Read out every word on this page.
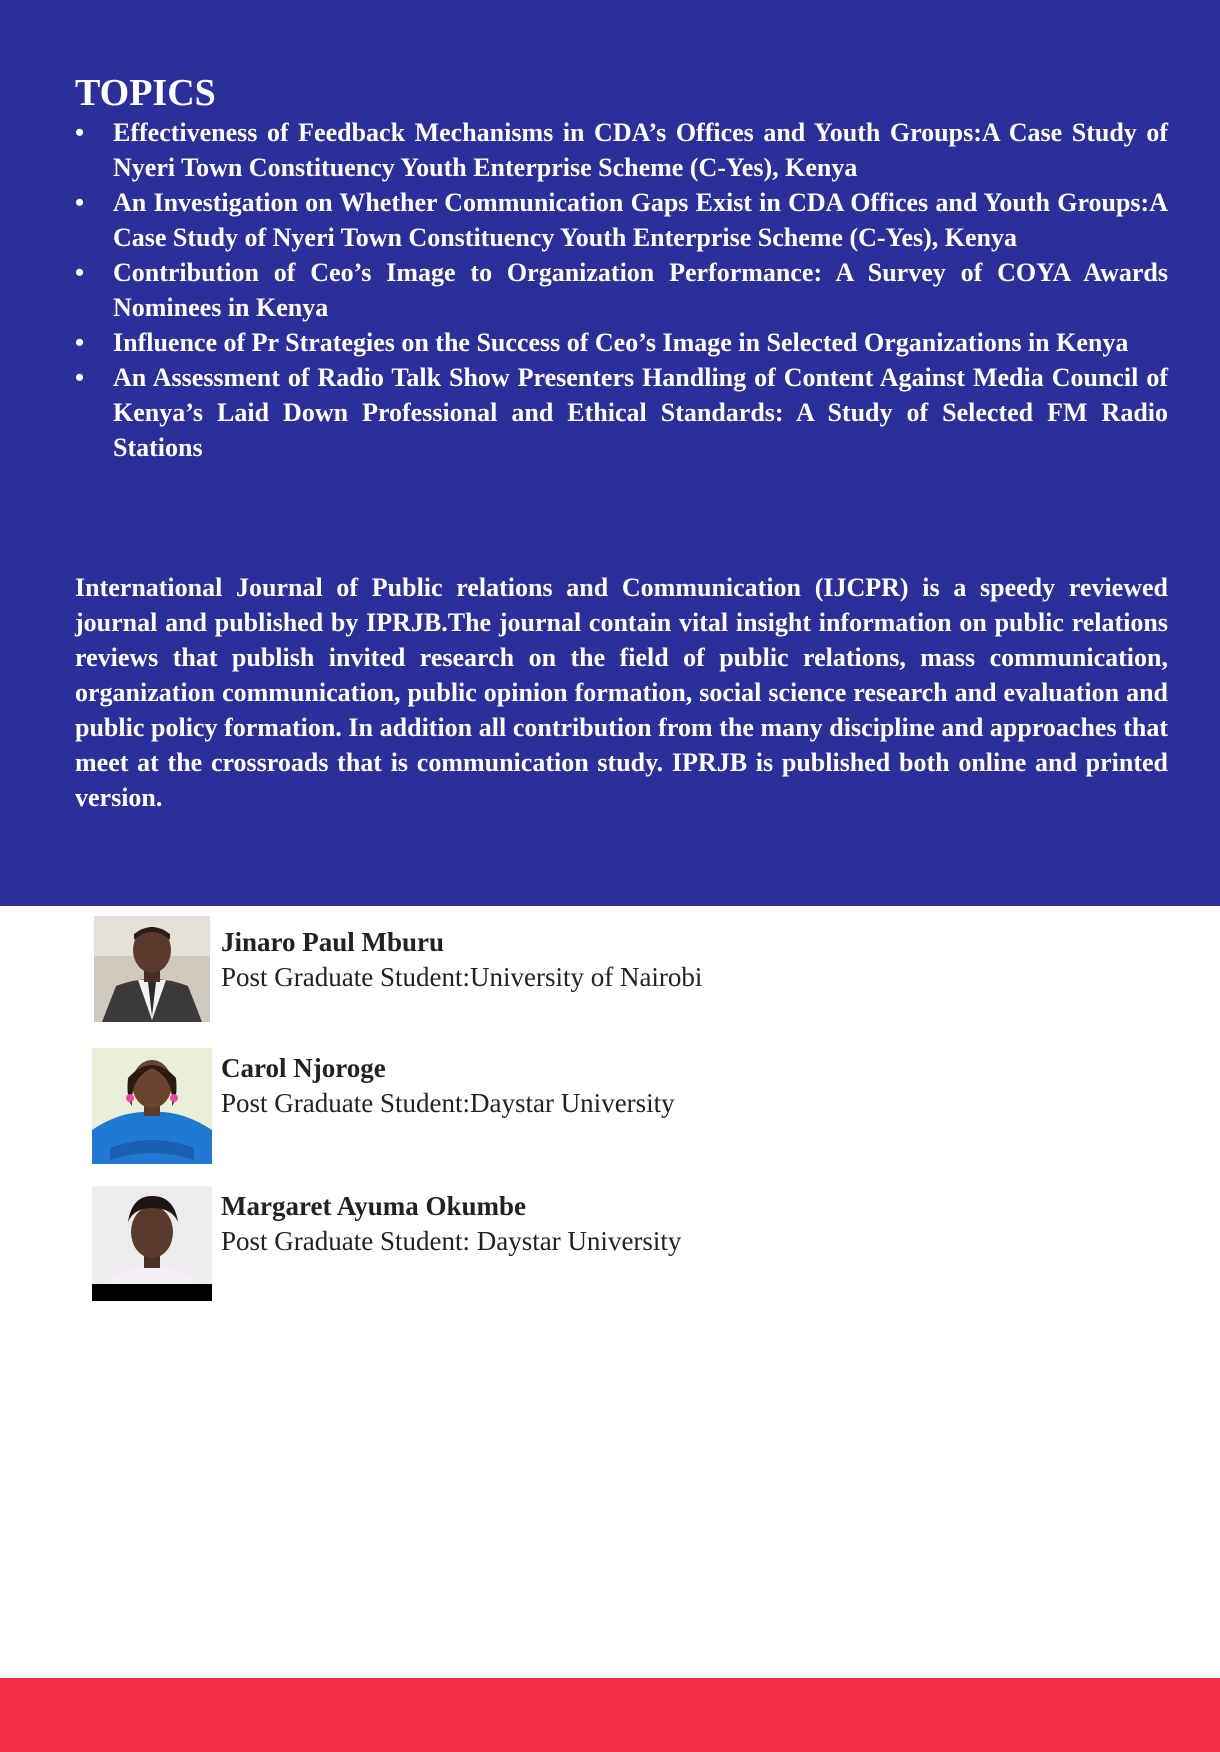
TOPICS
• Effectiveness of Feedback Mechanisms in CDA’s Offices and Youth Groups:A Case Study of Nyeri Town Constituency Youth Enterprise Scheme (C-Yes), Kenya
• An Investigation on Whether Communication Gaps Exist in CDA Offices and Youth Groups:A Case Study of Nyeri Town Constituency Youth Enterprise Scheme (C-Yes), Kenya
• Contribution of Ceo’s Image to Organization Performance: A Survey of COYA Awards Nominees in Kenya
• Influence of Pr Strategies on the Success of Ceo’s Image in Selected Organizations in Kenya
• An Assessment of Radio Talk Show Presenters Handling of Content Against Media Council of Kenya’s Laid Down Professional and Ethical Standards: A Study of Selected FM Radio Stations

International Journal of Public relations and Communication (IJCPR) is a speedy reviewed journal and published by IPRJB.The journal contain vital insight information on public relations reviews that publish invited research on the field of public relations, mass communication, organization communication, public opinion formation, social science research and evaluation and public policy formation. In addition all contribution from the many discipline and approaches that meet at the crossroads that is communication study. IPRJB is published both online and printed version.

Jinaro Paul Mburu
Post Graduate Student:University of Nairobi
Carol Njoroge
Post Graduate Student:Daystar University
Margaret Ayuma Okumbe
Post Graduate Student: Daystar University
